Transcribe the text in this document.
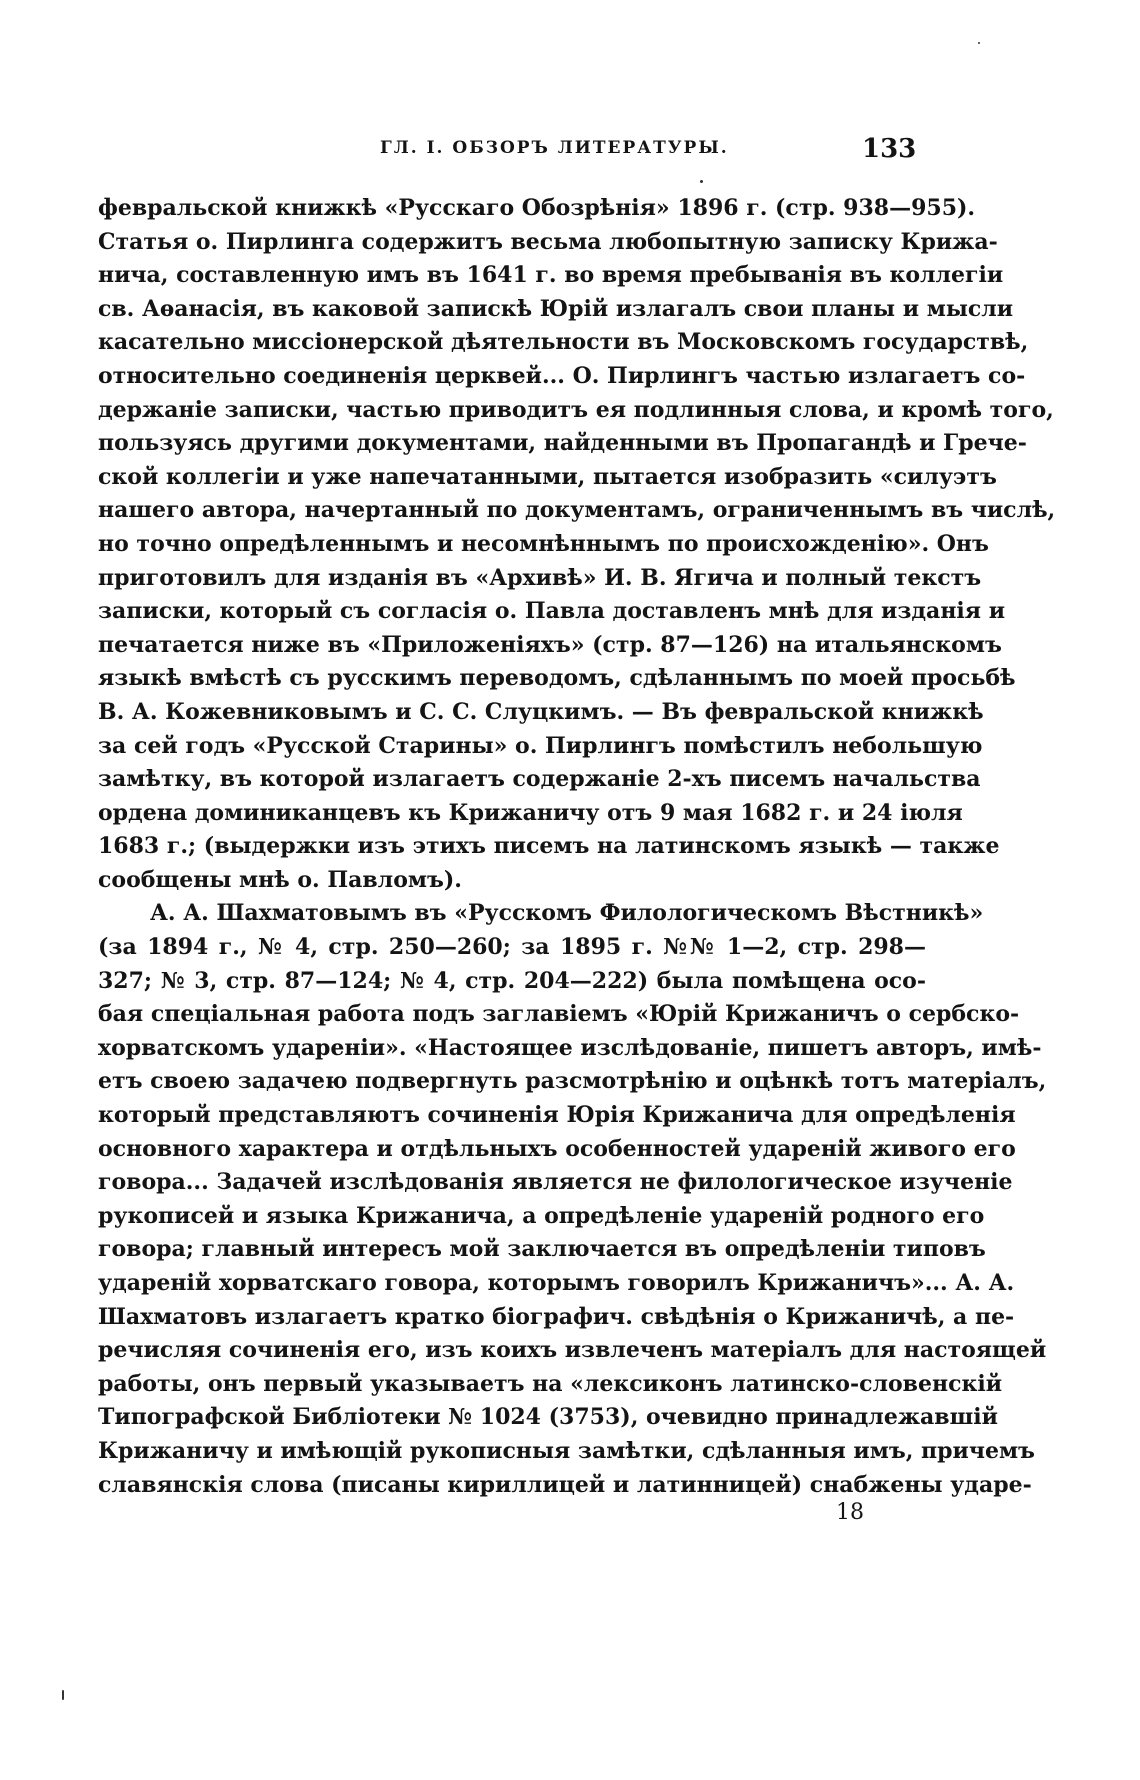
ГЛ. I. ОБЗОРЪ ЛИТЕРАТУРЫ.	133
февральской книжкѣ «Русскаго Обозрѣнія» 1896 г. (стр. 938—955).
Статья о. Пирлинга содержитъ весьма любопытную записку Крижа-
нича, составленную имъ въ 1641 г. во время пребыванія въ коллегіи
св. Аѳанасія, въ каковой запискѣ Юрій излагалъ свои планы и мысли
касательно миссіонерской дѣятельности въ Московскомъ государствѣ,
относительно соединенія церквей... О. Пирлингъ частью излагаетъ со-
держаніе записки, частью приводитъ ея подлинныя слова, и кромѣ того,
пользуясь другими документами, найденными въ Пропагандѣ и Грече-
ской коллегіи и уже напечатанными, пытается изобразить «силуэтъ
нашего автора, начертанный по документамъ, ограниченнымъ въ числѣ,
но точно опредѣленнымъ и несомнѣннымъ по происхожденію». Онъ
приготовилъ для изданія въ «Архивѣ» И. В. Ягича и полный текстъ
записки, который съ согласія о. Павла доставленъ мнѣ для изданія и
печатается ниже въ «Приложеніяхъ» (стр. 87—126) на итальянскомъ
языкѣ вмѣстѣ съ русскимъ переводомъ, сдѣланнымъ по моей просьбѣ
В. А. Кожевниковымъ и С. С. Слуцкимъ. — Въ февральской книжкѣ
за сей годъ «Русской Старины» о. Пирлингъ помѣстилъ небольшую
замѣтку, въ которой излагаетъ содержаніе 2-хъ писемъ начальства
ордена доминиканцевъ къ Крижаничу отъ 9 мая 1682 г. и 24 іюля
1683 г.; (выдержки изъ этихъ писемъ на латинскомъ языкѣ — также
сообщены мнѣ о. Павломъ).
А. А. Шахматовымъ въ «Русскомъ Филологическомъ Вѣстникѣ»
(за 1894 г., № 4, стр. 250—260; за 1895 г. №№ 1—2, стр. 298—
327; № 3, стр. 87—124; № 4, стр. 204—222) была помѣщена осо-
бая спеціальная работа подъ заглавіемъ «Юрій Крижаничъ о сербско-
хорватскомъ удареніи». «Настоящее изслѣдованіе, пишетъ авторъ, имѣ-
етъ своею задачею подвергнуть разсмотрѣнію и оцѣнкѣ тотъ матеріалъ,
который представляютъ сочиненія Юрія Крижанича для опредѣленія
основного характера и отдѣльныхъ особенностей удареній живого его
говора... Задачей изслѣдованія является не филологическое изученіе
рукописей и языка Крижанича, а опредѣленіе удареній родного его
говора; главный интересъ мой заключается въ опредѣленіи типовъ
удареній хорватскаго говора, которымъ говорилъ Крижаничъ»... А. А.
Шахматовъ излагаетъ кратко біографич. свѣдѣнія о Крижаничѣ, а пе-
речисляя сочиненія его, изъ коихъ извлеченъ матеріалъ для настоящей
работы, онъ первый указываетъ на «лексиконъ латинско-словенскій
Типографской Библіотеки № 1024 (3753), очевидно принадлежавшій
Крижаничу и имѣющій рукописныя замѣтки, сдѣланныя имъ, причемъ
славянскія слова (писаны кириллицей и латинницей) снабжены ударе-
18
